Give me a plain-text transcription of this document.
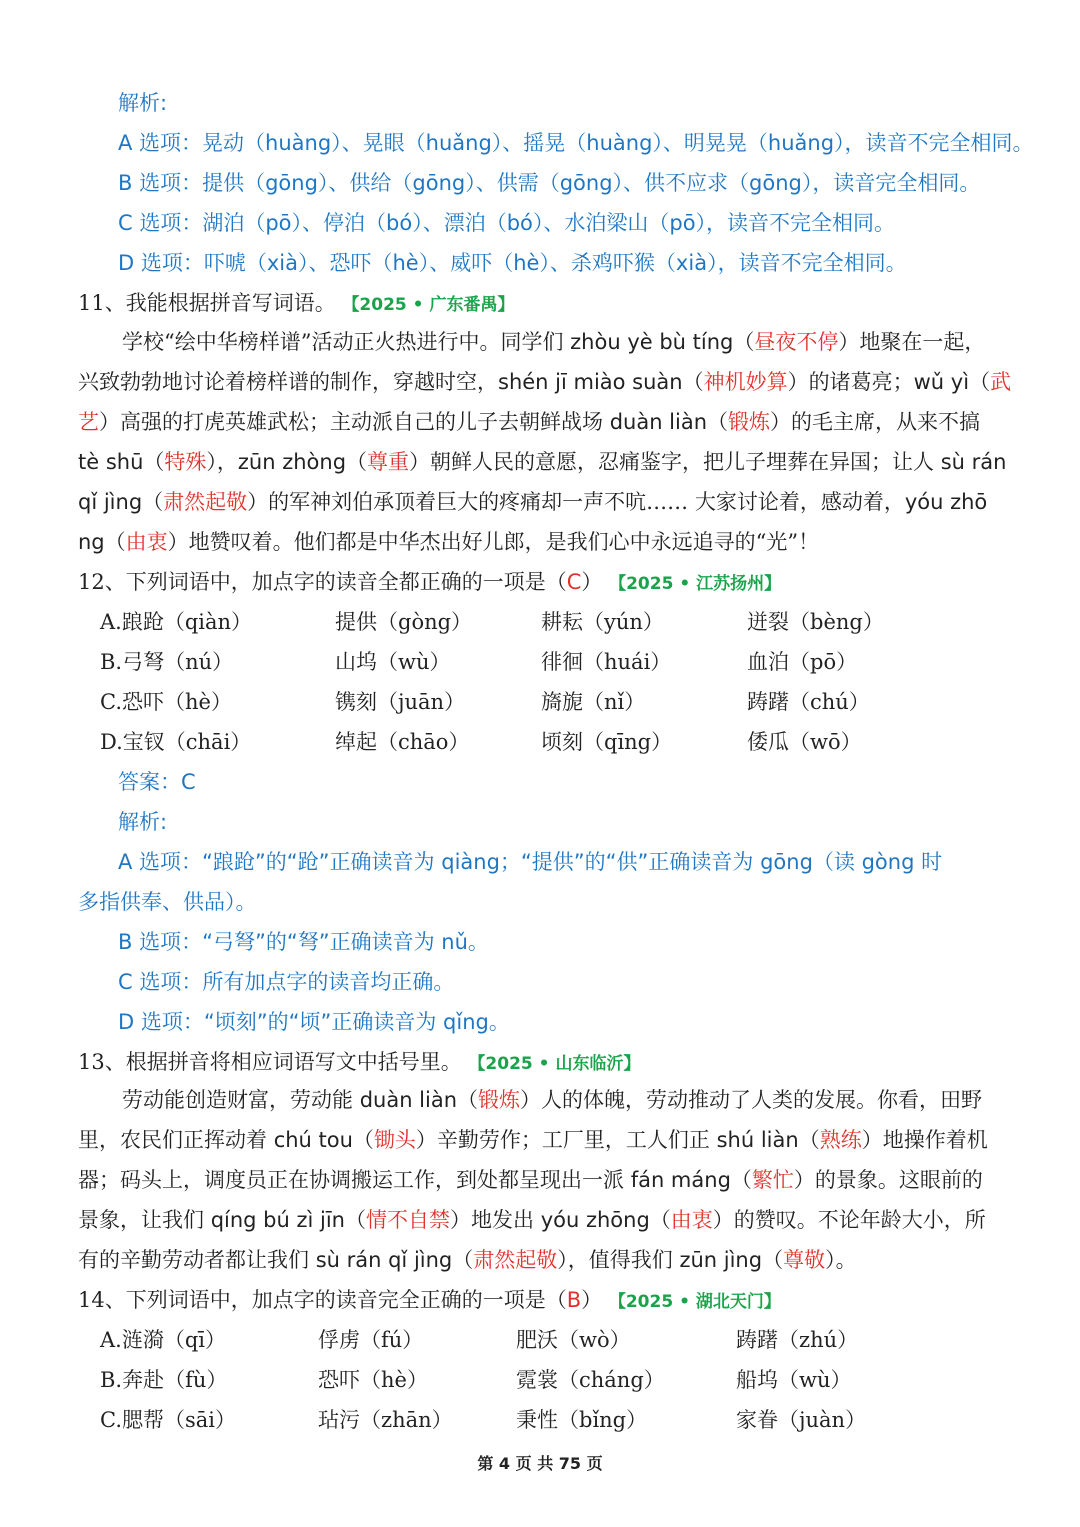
解析:
A 选项：晃动（huàng）、晃眼（huǎng）、摇晃（huàng）、明晃晃（huǎng），读音不完全相同。
B 选项：提供（gōng）、供给（gōng）、供需（gōng）、供不应求（gōng），读音完全相同。
C 选项：湖泊（pō）、停泊（bó）、漂泊（bó）、水泊梁山（pō），读音不完全相同。
D 选项：吓唬（xià）、恐吓（hè）、威吓（hè）、杀鸡吓猴（xià），读音不完全相同。
11、我能根据拼音写词语。 【2025 • 广东番禺】
学校“绘中华榜样谱”活动正火热进行中。同学们 zhòu yè bù tíng（昼夜不停）地聚在一起，
兴致勃勃地讨论着榜样谱的制作，穿越时空，shén jī miào suàn（神机妙算）的诸葛亮；wǔ yì（武
艺）高强的打虎英雄武松；主动派自己的儿子去朝鲜战场 duàn liàn（锻炼）的毛主席，从来不搞
tè shū（特殊），zūn zhòng（尊重）朝鲜人民的意愿，忍痛鉴字，把儿子埋葬在异国；让人 sù rán
qǐ jìng（肃然起敬）的军神刘伯承顶着巨大的疼痛却一声不吭…… 大家讨论着，感动着，yóu zhō
ng（由衷）地赞叹着。他们都是中华杰出好儿郎，是我们心中永远追寻的“光”！
12、下列词语中，加点字的读音全都正确的一项是（C） 【2025 • 江苏扬州】
A.踉跄（qiàn）	提供（gòng）	耕耘（yún）	迸裂（bèng）
B.弓弩（nú）	山坞（wù）	徘徊（huái）	血泊（pō）
C.恐吓（hè）	镌刻（juān）	旖旎（nǐ）	踌躇（chú）
D.宝钗（chāi）	绰起（chāo）	顷刻（qīng）	倭瓜（wō）
答案：C
解析:
A 选项：“踉跄”的“跄”正确读音为 qiàng；“提供”的“供”正确读音为 gōng（读 gòng 时
多指供奉、供品）。
B 选项：“弓弩”的“弩”正确读音为 nǔ。
C 选项：所有加点字的读音均正确。
D 选项：“顷刻”的“顷”正确读音为 qǐng。
13、根据拼音将相应词语写文中括号里。 【2025 • 山东临沂】
劳动能创造财富，劳动能 duàn liàn（锻炼）人的体魄，劳动推动了人类的发展。你看，田野
里，农民们正挥动着 chú tou（锄头）辛勤劳作；工厂里，工人们正 shú liàn（熟练）地操作着机
器；码头上，调度员正在协调搬运工作，到处都呈现出一派 fán máng（繁忙）的景象。这眼前的
景象，让我们 qíng bú zì jīn（情不自禁）地发出 yóu zhōng（由衷）的赞叹。不论年龄大小，所
有的辛勤劳动者都让我们 sù rán qǐ jìng（肃然起敬），值得我们 zūn jìng（尊敬）。
14、下列词语中，加点字的读音完全正确的一项是（B） 【2025 • 湖北天门】
A.涟漪（qī）	俘虏（fú）	肥沃（wò）	踌躇（zhú）
B.奔赴（fù）	恐吓（hè）	霓裳（cháng）	船坞（wù）
C.腮帮（sāi）	玷污（zhān）	秉性（bǐng）	家眷（juàn）
第 4 页 共 75 页
